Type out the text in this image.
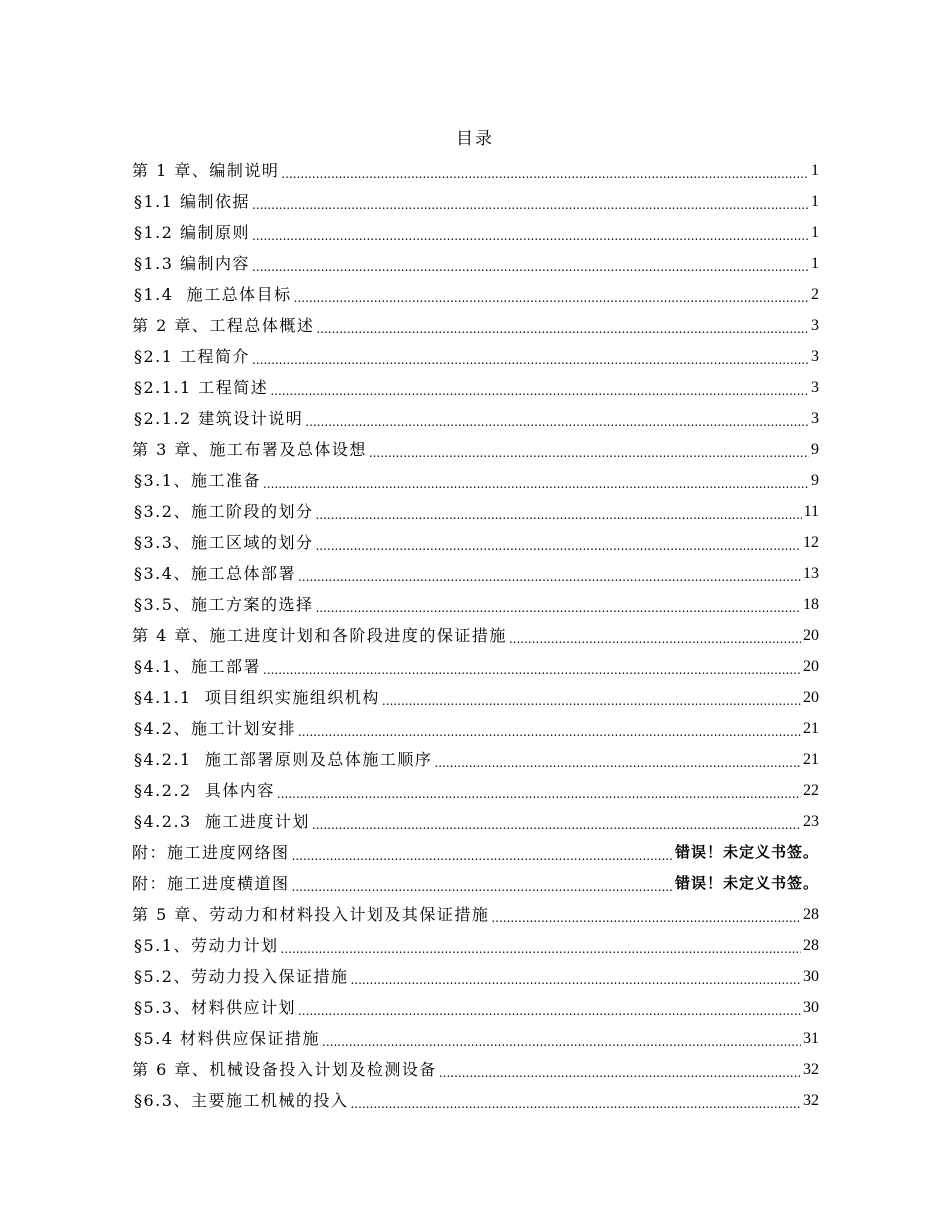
目录
第 1 章、编制说明 .....	1
§1.1 编制依据 .....	1
§1.2 编制原则 .....	1
§1.3 编制内容 .....	1
§1.4  施工总体目标 .....	2
第 2 章、工程总体概述 .....	3
§2.1 工程简介 .....	3
§2.1.1 工程简述 .....	3
§2.1.2 建筑设计说明 .....	3
第 3 章、施工布署及总体设想 .....	9
§3.1、施工准备 .....	9
§3.2、施工阶段的划分 .....	11
§3.3、施工区域的划分 .....	12
§3.4、施工总体部署 .....	13
§3.5、施工方案的选择 .....	18
第 4 章、施工进度计划和各阶段进度的保证措施 .....	20
§4.1、施工部署 .....	20
§4.1.1  项目组织实施组织机构 .....	20
§4.2、施工计划安排 .....	21
§4.2.1  施工部署原则及总体施工顺序 .....	21
§4.2.2  具体内容 .....	22
§4.2.3  施工进度计划 .....	23
附：施工进度网络图 .....	错误！未定义书签。
附：施工进度横道图 .....	错误！未定义书签。
第 5 章、劳动力和材料投入计划及其保证措施 .....	28
§5.1、劳动力计划 .....	28
§5.2、劳动力投入保证措施 .....	30
§5.3、材料供应计划 .....	30
§5.4 材料供应保证措施 .....	31
第 6 章、机械设备投入计划及检测设备 .....	32
§6.3、主要施工机械的投入 .....	32
